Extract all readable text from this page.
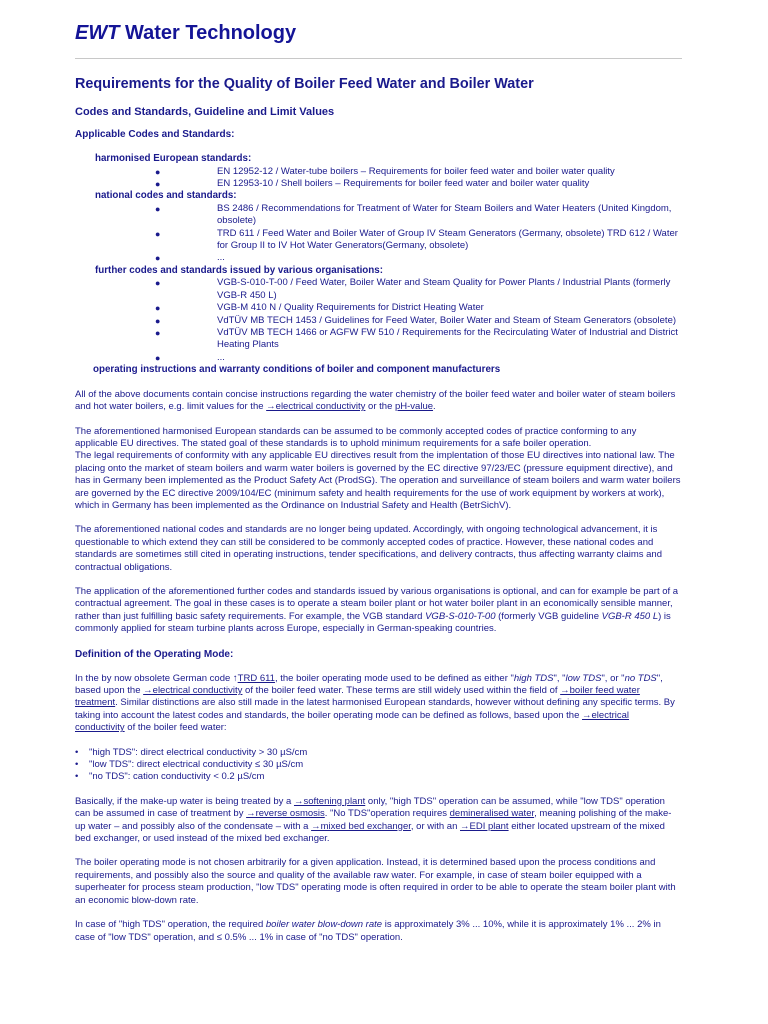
EWT Water Technology
Requirements for the Quality of Boiler Feed Water and Boiler Water
Codes and Standards, Guideline and Limit Values
Applicable Codes and Standards:
harmonised European standards:
●	EN 12952-12 / Water-tube boilers – Requirements for boiler feed water and boiler water quality
●	EN 12953-10 / Shell boilers – Requirements for boiler feed water and boiler water quality
national codes and standards:
●	BS 2486 / Recommendations for Treatment of Water for Steam Boilers and Water Heaters (United Kingdom, obsolete)
●	TRD 611 / Feed Water and Boiler Water of Group IV Steam Generators (Germany, obsolete) TRD 612 / Water for Group II to IV Hot Water Generators(Germany, obsolete)
●	...
further codes and standards issued by various organisations:
●	VGB-S-010-T-00 / Feed Water, Boiler Water and Steam Quality for Power Plants / Industrial Plants (formerly VGB-R 450 L)
●	VGB-M 410 N / Quality Requirements for District Heating Water
●	VdTÜV MB TECH 1453 / Guidelines for Feed Water, Boiler Water and Steam of Steam Generators (obsolete)
●	VdTÜV MB TECH 1466 or AGFW FW 510 / Requirements for the Recirculating Water of Industrial and District Heating Plants
●	...
operating instructions and warranty conditions of boiler and component manufacturers

All of the above documents contain concise instructions regarding the water chemistry of the boiler feed water and boiler water of steam boilers and hot water boilers, e.g. limit values for the →electrical conductivity or the pH-value.

The aforementioned harmonised European standards can be assumed to be commonly accepted codes of practice conforming to any applicable EU directives. The stated goal of these standards is to uphold minimum requirements for a safe boiler operation.

The legal requirements of conformity with any applicable EU directives result from the implentation of those EU directives into national law. The placing onto the market of steam boilers and warm water boilers is governed by the EC directive 97/23/EC (pressure equipment directive), and has in Germany been implemented as the Product Safety Act (ProdSG). The operation and surveillance of steam boilers and warm water boilers are governed by the EC directive 2009/104/EC (minimum safety and health requirements for the use of work equipment by workers at work), which in Germany has been implemented as the Ordinance on Industrial Safety and Health (BetrSichV).

The aforementioned national codes and standards are no longer being updated. Accordingly, with ongoing technological advancement, it is questionable to which extend they can still be considered to be commonly accepted codes of practice. However, these national codes and standards are sometimes still cited in operating instructions, tender specifications, and delivery contracts, thus affecting warranty claims and contractual obligations.

The application of the aforementioned further codes and standards issued by various organisations is optional, and can for example be part of a contractual agreement. The goal in these cases is to operate a steam boiler plant or hot water boiler plant in an economically sensible manner, rather than just fulfilling basic safety requirements. For example, the VGB standard VGB-S-010-T-00 (formerly VGB guideline VGB-R 450 L) is commonly applied for steam turbine plants across Europe, especially in German-speaking countries.

Definition of the Operating Mode:

In the by now obsolete German code ↑TRD 611, the boiler operating mode used to be defined as either "high TDS", "low TDS", or "no TDS", based upon the →electrical conductivity of the boiler feed water. These terms are still widely used within the field of →boiler feed water treatment. Similar distinctions are also still made in the latest harmonised European standards, however without defining any specific terms. By taking into account the latest codes and standards, the boiler operating mode can be defined as follows, based upon the →electrical conductivity of the boiler feed water:

• "high TDS": direct electrical conductivity > 30 µS/cm
• "low TDS": direct electrical conductivity ≤ 30 µS/cm
• "no TDS": cation conductivity < 0.2 µS/cm

Basically, if the make-up water is being treated by a →softening plant only, "high TDS" operation can be assumed, while "low TDS" operation can be assumed in case of treatment by →reverse osmosis. "No TDS"operation requires demineralised water, meaning polishing of the make-up water – and possibly also of the condensate – with a →mixed bed exchanger, or with an →EDI plant either located upstream of the mixed bed exchanger, or used instead of the mixed bed exchanger.

The boiler operating mode is not chosen arbitrarily for a given application. Instead, it is determined based upon the process conditions and requirements, and possibly also the source and quality of the available raw water. For example, in case of steam boiler equipped with a superheater for process steam production, "low TDS" operating mode is often required in order to be able to operate the steam boiler plant with an economic blow-down rate.

In case of "high TDS" operation, the required boiler water blow-down rate is approximately 3% ... 10%, while it is approximately 1% ... 2% in case of "low TDS" operation, and ≤ 0.5% ... 1% in case of "no TDS" operation.
